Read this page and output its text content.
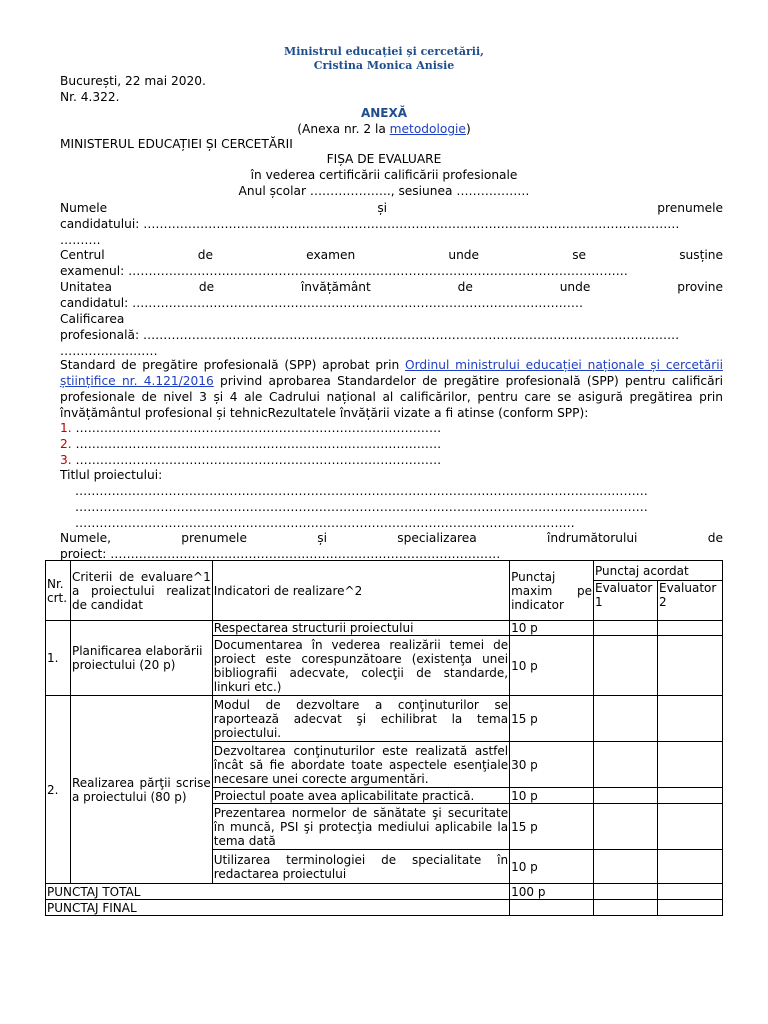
Ministrul educației și cercetării,
Cristina Monica Anisie
București, 22 mai 2020.
Nr. 4.322.
ANEXĂ
(Anexa nr. 2 la metodologie)
MINISTERUL EDUCAȚIEI ȘI CERCETĂRII
FIȘA DE EVALUARE
în vederea certificării calificării profesionale
Anul școlar ……………….., sesiunea ………………
Numele	și	prenumele
candidatului: ……………………………………………………………………………………………………………………
……….
Centrul	de	examen	unde	se	susține
examenul: ……………………………………………………………………………………………………………
Unitatea	de	învățământ	de	unde	provine
candidatul: …………………………………………………………………………………………………
Calificarea
profesională: ……………………………………………………………………………………………………………………
……………………
Standard de pregătire profesională (SPP) aprobat prin Ordinul ministrului educației naționale și cercetării științifice nr. 4.121/2016 privind aprobarea Standardelor de pregătire profesională (SPP) pentru calificări profesionale de nivel 3 și 4 ale Cadrului național al calificărilor, pentru care se asigură pregătirea prin învățământul profesional și tehnicRezultatele învățării vizate a fi atinse (conform SPP):
1. ………………………………………………………………………………
2. ………………………………………………………………………………
3. ………………………………………………………………………………
Titlul proiectului:
……………………………………………………………………………………………………………………………
……………………………………………………………………………………………………………………………
……………………………………………………………………………………………………………
Numele,	prenumele	și	specializarea	îndrumătorului	de
proiect: ……………………………………………………………………………………
Nr. crt.	Criterii de evaluare^1 a proiectului realizat de candidat	Indicatori de realizare^2	Punctaj maxim pe indicator	Punctaj acordat	
				Evaluator 1	Evaluator 2
1.	Planificarea elaborării proiectului (20 p)	Respectarea structurii proiectului	10 p		
		Documentarea în vederea realizării temei de proiect este corespunzătoare (existenţa unei bibliografii adecvate, colecţii de standarde, linkuri etc.)	10 p		
2.	Realizarea părţii scrise a proiectului (80 p)	Modul de dezvoltare a conţinuturilor se raportează adecvat şi echilibrat la tema proiectului.	15 p		
		Dezvoltarea conţinuturilor este realizată astfel încât să fie abordate toate aspectele esenţiale necesare unei corecte argumentări.	30 p		
		Proiectul poate avea aplicabilitate practică.	10 p		
		Prezentarea normelor de sănătate şi securitate în muncă, PSI şi protecţia mediului aplicabile la tema dată	15 p		
		Utilizarea terminologiei de specialitate în redactarea proiectului	10 p		
PUNCTAJ TOTAL			100 p		
PUNCTAJ FINAL					
